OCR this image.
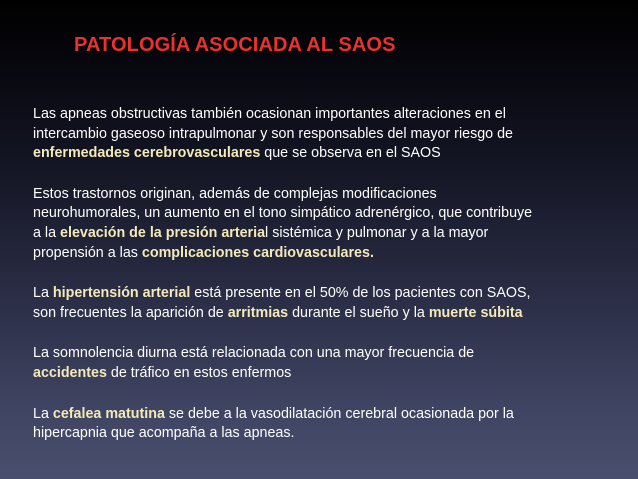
PATOLOGÍA ASOCIADA AL SAOS
Las apneas obstructivas también ocasionan importantes alteraciones en el
intercambio gaseoso intrapulmonar y son responsables del mayor riesgo de
enfermedades cerebrovasculares que se observa en el SAOS
Estos trastornos originan, además de complejas modificaciones
neurohumorales, un aumento en el tono simpático adrenérgico, que contribuye
a la elevación de la presión arterial sistémica y pulmonar y a la mayor
propensión a las complicaciones cardiovasculares.
La hipertensión arterial está presente en el 50% de los pacientes con SAOS,
son frecuentes la aparición de arritmias durante el sueño y la muerte súbita
La somnolencia diurna está relacionada con una mayor frecuencia de
accidentes de tráfico en estos enfermos
La cefalea matutina se debe a la vasodilatación cerebral ocasionada por la
hipercapnia que acompaña a las apneas.
